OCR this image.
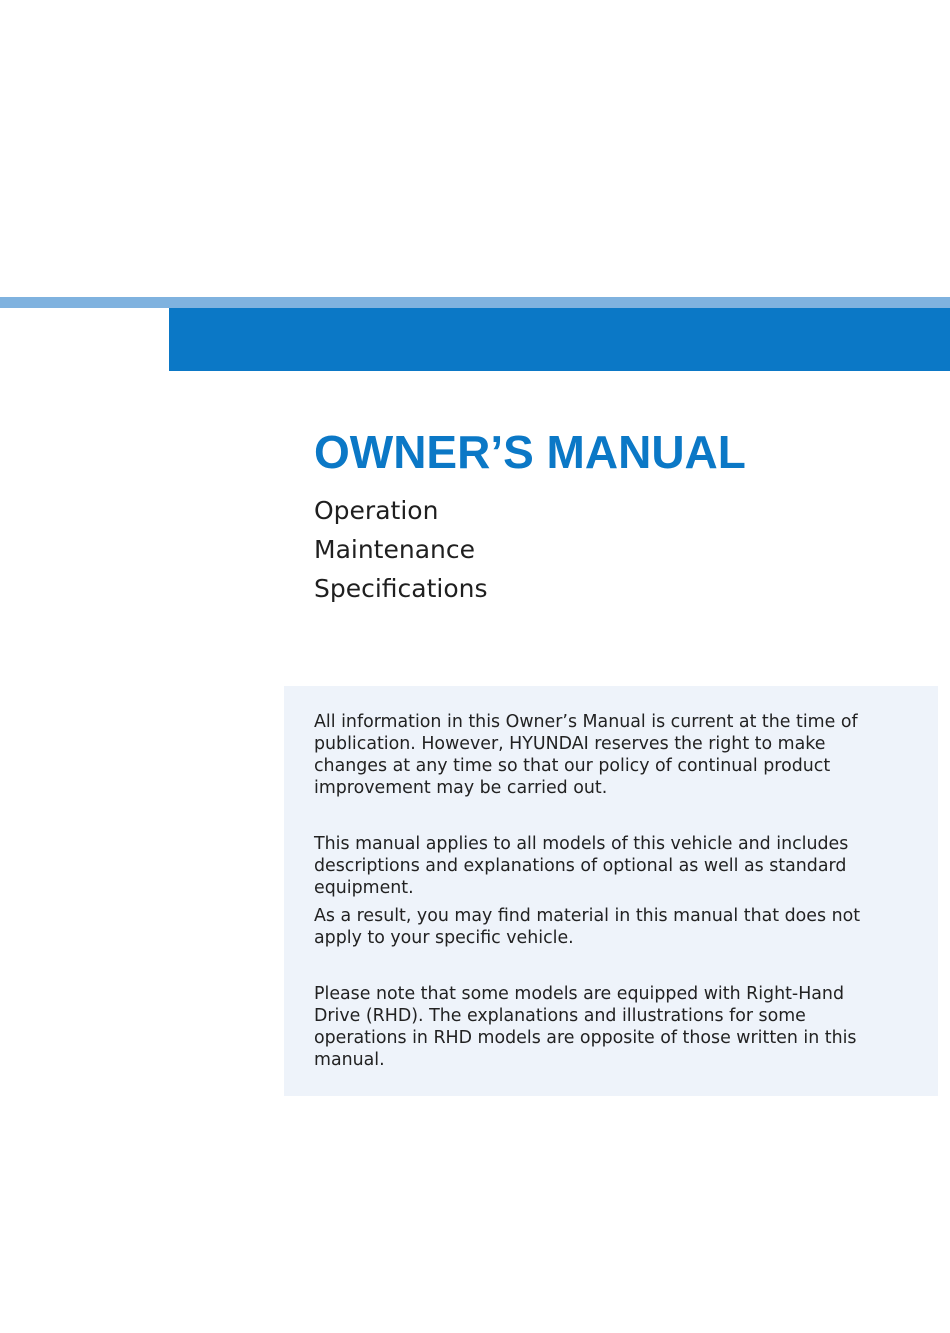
OWNER’S MANUAL
Operation
Maintenance
Specifications

All information in this Owner’s Manual is current at the time of publication. However, HYUNDAI reserves the right to make changes at any time so that our policy of continual product improvement may be carried out.

This manual applies to all models of this vehicle and includes descriptions and explanations of optional as well as standard equipment.

As a result, you may find material in this manual that does not apply to your specific vehicle.

Please note that some models are equipped with Right-Hand Drive (RHD). The explanations and illustrations for some operations in RHD models are opposite of those written in this manual.
